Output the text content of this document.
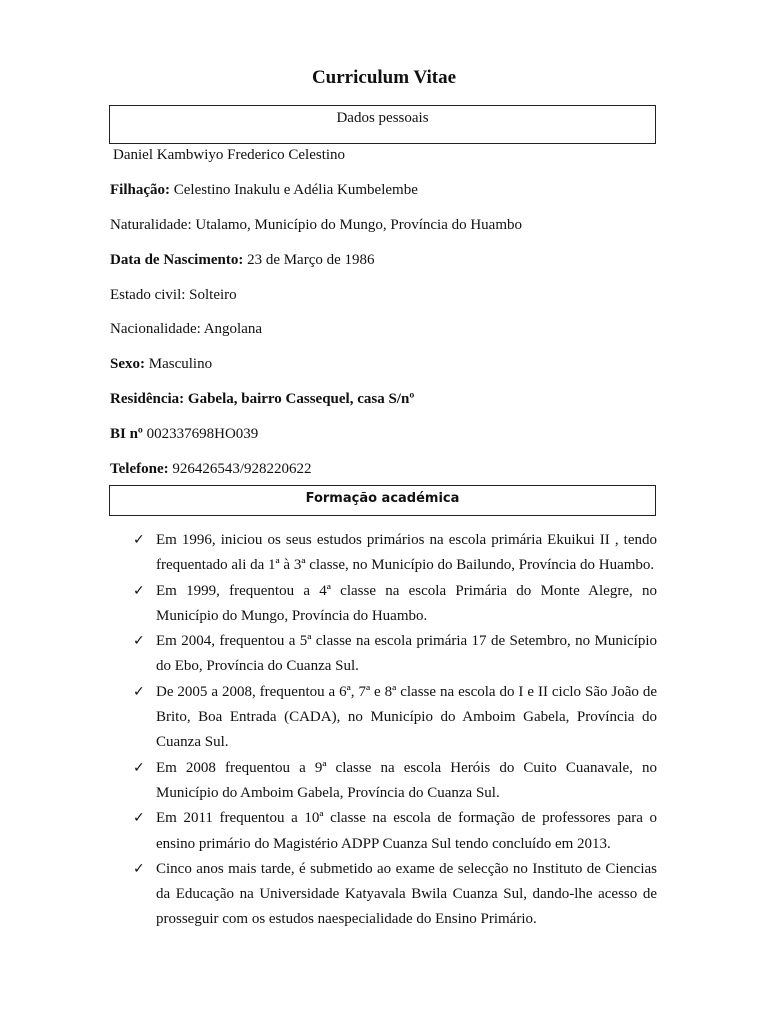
Curriculum Vitae
Dados pessoais
Daniel Kambwiyo Frederico Celestino
Filhação: Celestino Inakulu e Adélia Kumbelembe
Naturalidade: Utalamo, Município do Mungo, Província do Huambo
Data de Nascimento: 23 de Março de 1986
Estado civil: Solteiro
Nacionalidade: Angolana
Sexo: Masculino
Residência: Gabela, bairro Cassequel, casa S/nº
BI nº 002337698HO039
Telefone: 926426543/928220622
Formação académica
✓ Em 1996, iniciou os seus estudos primários na escola primária Ekuikui II , tendo frequentado ali da 1ª à 3ª classe, no Município do Bailundo, Província do Huambo.
✓ Em 1999, frequentou a 4ª classe na escola Primária do Monte Alegre, no Município do Mungo, Província do Huambo.
✓ Em 2004, frequentou a 5ª classe na escola primária 17 de Setembro, no Município do Ebo, Província do Cuanza Sul.
✓ De 2005 a 2008, frequentou a 6ª, 7ª e 8ª classe na escola do I e II ciclo São João de Brito, Boa Entrada (CADA), no Município do Amboim Gabela, Província do Cuanza Sul.
✓ Em 2008 frequentou a 9ª classe na escola Heróis do Cuito Cuanavale, no Município do Amboim Gabela, Província do Cuanza Sul.
✓ Em 2011 frequentou a 10ª classe na escola de formação de professores para o ensino primário do Magistério ADPP Cuanza Sul tendo concluído em 2013.
✓ Cinco anos mais tarde, é submetido ao exame de selecção no Instituto de Ciencias da Educação na Universidade Katyavala Bwila Cuanza Sul, dando-lhe acesso de prosseguir com os estudos naespecialidade do Ensino Primário.
